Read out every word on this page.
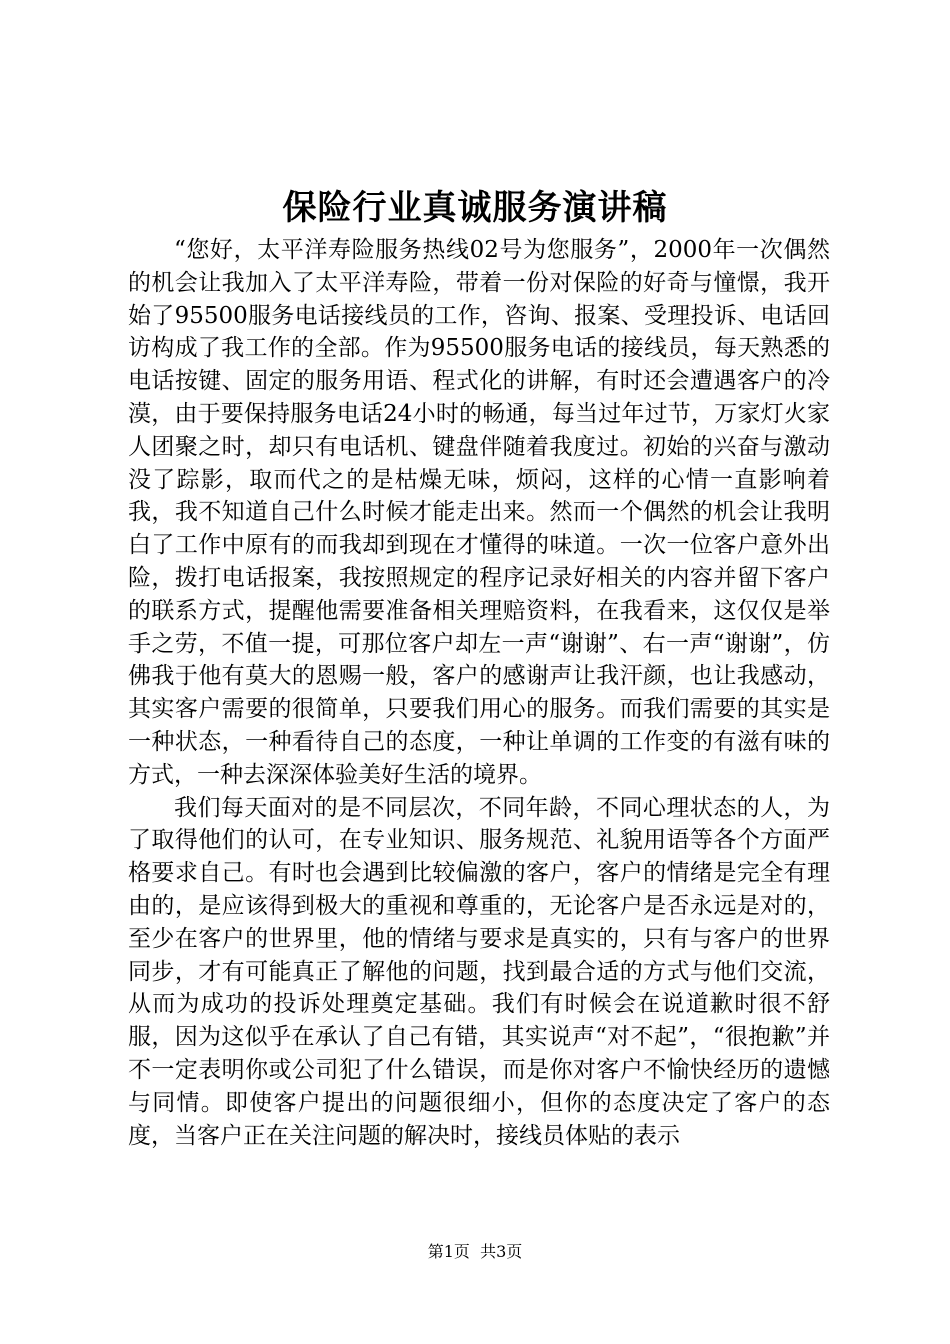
保险行业真诚服务演讲稿

“您好，太平洋寿险服务热线02号为您服务”，2000年一次偶然的机会让我加入了太平洋寿险，带着一份对保险的好奇与憧憬，我开始了95500服务电话接线员的工作，咨询、报案、受理投诉、电话回访构成了我工作的全部。作为95500服务电话的接线员，每天熟悉的电话按键、固定的服务用语、程式化的讲解，有时还会遭遇客户的冷漠，由于要保持服务电话24小时的畅通，每当过年过节，万家灯火家人团聚之时，却只有电话机、键盘伴随着我度过。初始的兴奋与激动没了踪影，取而代之的是枯燥无味，烦闷，这样的心情一直影响着我，我不知道自己什么时候才能走出来。然而一个偶然的机会让我明白了工作中原有的而我却到现在才懂得的味道。一次一位客户意外出险，拨打电话报案，我按照规定的程序记录好相关的内容并留下客户的联系方式，提醒他需要准备相关理赔资料，在我看来，这仅仅是举手之劳，不值一提，可那位客户却左一声“谢谢”、右一声“谢谢”，仿佛我于他有莫大的恩赐一般，客户的感谢声让我汗颜，也让我感动，其实客户需要的很简单，只要我们用心的服务。而我们需要的其实是一种状态，一种看待自己的态度，一种让单调的工作变的有滋有味的方式，一种去深深体验美好生活的境界。

我们每天面对的是不同层次，不同年龄，不同心理状态的人，为了取得他们的认可，在专业知识、服务规范、礼貌用语等各个方面严格要求自己。有时也会遇到比较偏激的客户，客户的情绪是完全有理由的，是应该得到极大的重视和尊重的，无论客户是否永远是对的，至少在客户的世界里，他的情绪与要求是真实的，只有与客户的世界同步，才有可能真正了解他的问题，找到最合适的方式与他们交流，从而为成功的投诉处理奠定基础。我们有时候会在说道歉时很不舒服，因为这似乎在承认了自己有错，其实说声“对不起”，“很抱歉”并不一定表明你或公司犯了什么错误，而是你对客户不愉快经历的遗憾与同情。即使客户提出的问题很细小，但你的态度决定了客户的态度，当客户正在关注问题的解决时，接线员体贴的表示

第1页 共3页
